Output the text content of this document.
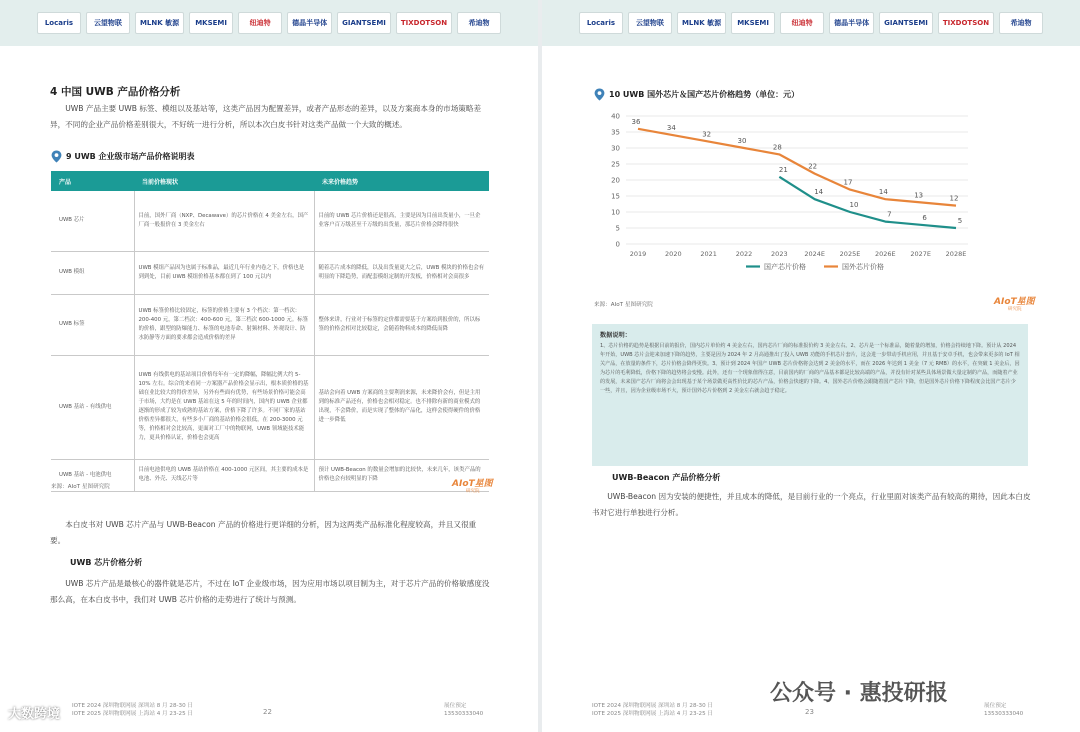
Locaris	云望物联	MLNK 敏源	MKSEMI	纽迪特	德晶半导体	GIANTSEMI	TIXDOTSON	希迪物
4 中国 UWB 产品价格分析

UWB 产品主要 UWB 标签、模组以及基站等，这类产品因为配置差异，或者产品形态的差异，以及方案商本身的市场策略差异，不同的企业产品价格差别很大，不好统一进行分析，所以本次白皮书针对这类产品做一个大致的概述。

9 UWB 企业级市场产品价格说明表
产品	当前价格现状	未来价格趋势
UWB 芯片	目前，国外厂商（NXP、Decawave）的芯片价格在 4 美金左右，国产厂商一般报价在 3 美金左右	目前的 UWB 芯片价格还是很高，主要是因为目前出货量小，一旦企业客户百万级甚至千万级的出货量，那芯片价格会降得很快
UWB 模组	UWB 模组产品因为也属于标准品，最近几年行业内卷之下，价格也是到到处，目前 UWB 模组价格基本都在到了 100 元以内	随着芯片成本的降低，以及出货量更大之后，UWB 模块的价格也会有明显的下降趋势，而配套模组定制的开发板，价格相对会高很多
UWB 标签	UWB 标签价格比较固定，标签的价格主要有 3 个档次：第一档次：200-400 元，第二档次：400-600 元，第三档次 600-1000 元。标签的价格，跟型的防爆能力、标签的电池寿命、射频材料、外观设计、防水防静等方面的要求都会造成价格的差异	整体来讲，行业对于标签的定价都需要基于方案给到报价的，所以标签的价格会相对比较稳定，会随着物料成本的降低而降
UWB 基站 - 有线供电	UWB 有线供电的基站项目价格每年有一定的降幅，降幅比例大约 5-10% 左右。综合的来看同一方案器产品价格会显示出，根本质价格的基础在业比较大的得价差异，另外有些面有优势，有些场景价格可能会高于市场，大约是在 UWB 基站在这 5 年的时间内，国内的 UWB 企业都逐渐的形成了较为成熟的基站方案，价格下降了许多。不同厂家的基站价格差异都很大，有些多小厂商的基站价格会很低，在 200-3000 元等，价格相对会比较高，更面对工厂中的物联网，UWB 领域能技术能力，更具价格认证，价格也会更高	基站会向着 UWB 方案商的主要利润来源，未来降价会有，但是主用到的标准产品还有，价格也会相对稳定。也不排除有新的商业模式的出现，不会降价，而是实现了整体的产品化，这样会使得硬件的价格进一步降低
UWB 基站 - 电池供电	目前电池供电的 UWB 基站价格在 400-1000 元区间，其主要的成本是电池、外壳、天线芯片等	预计 UWB-Beacon 的数量会增加的比较快，未来几年，该类产品的价格也会有较明显的下降
来源：AIoT 星图研究院	AIoT星图
研究院

本白皮书对 UWB 芯片产品与 UWB-Beacon 产品的价格进行更详细的分析，因为这两类产品标准化程度较高，并且又很重要。

UWB 芯片价格分析

UWB 芯片产品是最核心的器件就是芯片，不过在 IoT 企业级市场，因为应用市场以项目制为主，对于芯片产品的价格敏感度没那么高，在本白皮书中，我们对 UWB 芯片价格的走势进行了统计与预测。

IOTE 2024 深圳物联网展 深圳站 8 月 28-30 日
IOTE 2025 深圳物联网展 上海站 4 月 23-25 日	22
展位预定
13530333040
大数跨境
Locaris	云望物联	MLNK 敏源	MKSEMI	纽迪特	德晶半导体	GIANTSEMI	TIXDOTSON	希迪物
10 UWB 国外芯片＆国产芯片价格趋势（单位：元）
0
5
10
15
20
25
30
35
40
2019	2020	2021	2022	2023	2024E 2025E 2026E 2027E 2028E
21
14
10
7	6	5
36
34
32
30
28
22
17
14	13	12
国产芯片价格	国外芯片价格
来源：AIoT 星图研究院	AIoT星图
研究院
数据说明：

1、芯片价格的趋势是根据目前的报价，国内芯片单价约 4 美金左右，国内芯片厂商的标准报价约 3 美金左右。2、芯片是一个标准品，随着量的增加，价格会持续地下降。预计从 2024 年开始，UWB 芯片会迎来加速下降的趋势，主要是因为 2024 年 2 月高通推出了投入 UWB 功能的手机芯片套片，这会进一步带动手机应用，并且基于安卓手机，也会带来更多的 IoT 相关产品，在放量的条件下，芯片价格会降得更快。3、预计到 2024 年国产 UWB 芯片价格将会达到 2 美金的水平，而在 2026 年达到 1 美金（7 元 RMB）的水平，在突破 1 美金后，因为芯片的毛利降低，价格下降的趋势将会变慢。此外，还有一个现象值得注意，目前国内的厂商的产品基本都是比较高端的产品，并没有针对某些具体场景做大量定制的产品，而随着产业的发展，未来国产芯片厂商将会会出现基于某个场景做更高性价比的芯片产品，价格会快速的下降。4、国外芯片价格会跟随着国产芯片下降，但是国外芯片价格下降程度会比国产芯片少一些，并且，因为企业级市场不大，预计国外芯片价格到 2 美金左右就会趋于稳定。

UWB-Beacon 产品价格分析

UWB-Beacon 因为安装的便捷性，并且成本的降低，是目前行业的一个亮点，行业里面对该类产品有较高的期待，因此本白皮书对它进行单独进行分析。

IOTE 2024 深圳物联网展 深圳站 8 月 28-30 日
IOTE 2025 深圳物联网展 上海站 4 月 23-25 日	23
展位预定
13530333040
公众号 · 惠投研报
